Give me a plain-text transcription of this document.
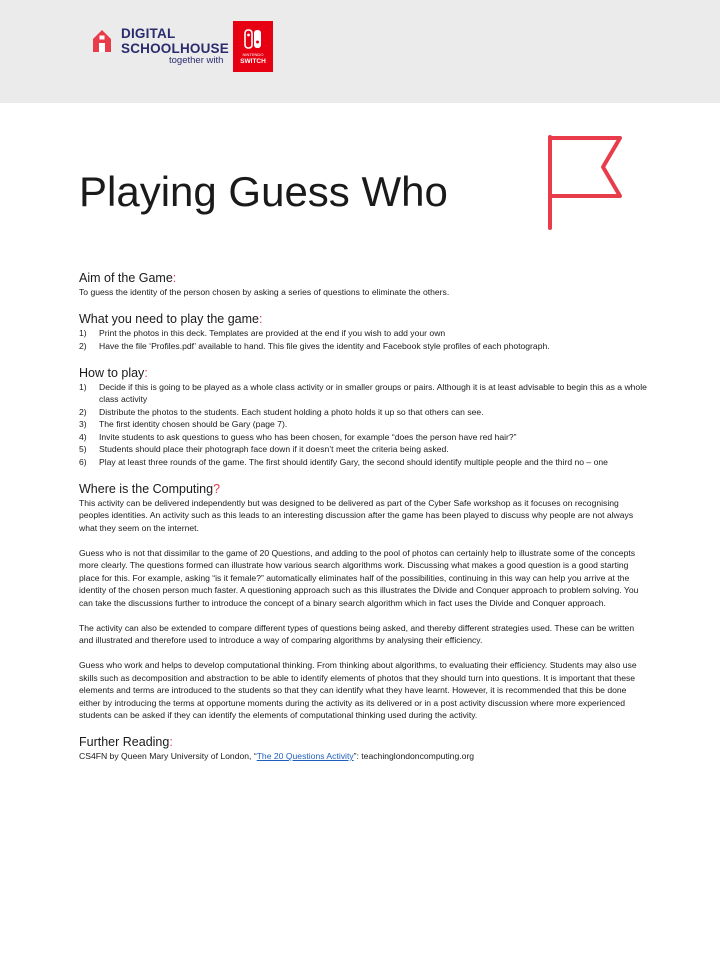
DIGITAL
SCHOOLHOUSE
together with
NINTENDO
SWITCH
Playing Guess Who
Aim of the Game:

To guess the identity of the person chosen by asking a series of questions to eliminate the others.

What you need to play the game:
1) Print the photos in this deck. Templates are provided at the end if you wish to add your own
2) Have the file ‘Profiles.pdf’ available to hand. This file gives the identity and Facebook style profiles of each photograph.
How to play:
1) Decide if this is going to be played as a whole class activity or in smaller groups or pairs. Although it is at least advisable to begin this as a whole class activity
2) Distribute the photos to the students. Each student holding a photo holds it up so that others can see.
3) The first identity chosen should be Gary (page 7).
4) Invite students to ask questions to guess who has been chosen, for example “does the person have red hair?”
5) Students should place their photograph face down if it doesn’t meet the criteria being asked.
6) Play at least three rounds of the game. The first should identify Gary, the second should identify multiple people and the third no – one
Where is the Computing?

This activity can be delivered independently but was designed to be delivered as part of the Cyber Safe workshop as it focuses on recognising peoples identities. An activity such as this leads to an interesting discussion after the game has been played to discuss why people are not always what they seem on the internet.

Guess who is not that dissimilar to the game of 20 Questions, and adding to the pool of photos can certainly help to illustrate some of the concepts more clearly. The questions formed can illustrate how various search algorithms work. Discussing what makes a good question is a good starting place for this. For example, asking “is it female?” automatically eliminates half of the possibilities, continuing in this way can help you arrive at the identity of the chosen person much faster. A questioning approach such as this illustrates the Divide and Conquer approach to problem solving. You can take the discussions further to introduce the concept of a binary search algorithm which in fact uses the Divide and Conquer approach.

The activity can also be extended to compare different types of questions being asked, and thereby different strategies used. These can be written and illustrated and therefore used to introduce a way of comparing algorithms by analysing their efficiency.

Guess who work and helps to develop computational thinking. From thinking about algorithms, to evaluating their efficiency. Students may also use skills such as decomposition and abstraction to be able to identify elements of photos that they should turn into questions. It is important that these elements and terms are introduced to the students so that they can identify what they have learnt. However, it is recommended that this be done either by introducing the terms at opportune moments during the activity as its delivered or in a post activity discussion where more experienced students can be asked if they can identify the elements of computational thinking used during the activity.

Further Reading:

CS4FN by Queen Mary University of London, “The 20 Questions Activity”: teachinglondoncomputing.org
